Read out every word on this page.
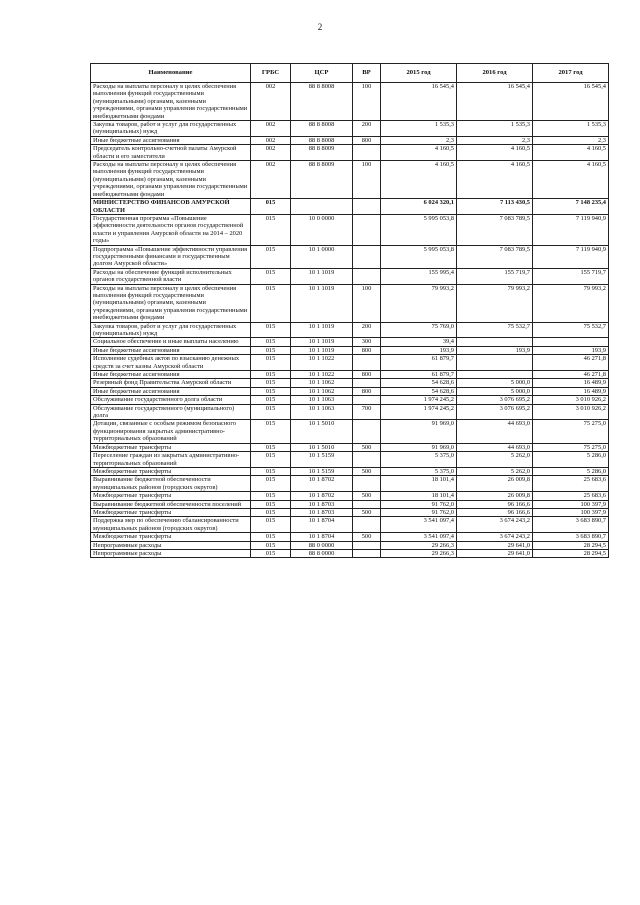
2
Наименование	ГРБС	ЦСР	ВР	2015 год	2016 год	2017 год
Расходы на выплаты персоналу в целях обеспечения выполнения функций государственными (муниципальными) органами, казенными учреждениями, органами управления государственными внебюджетными фондами	002	88 8 8008	100	16 545,4	16 545,4	16 545,4
Закупка товаров, работ и услуг для государственных (муниципальных) нужд	002	88 8 8008	200	1 535,3	1 535,3	1 535,3
Иные бюджетные ассигнования	002	88 8 8008	800	2,3	2,3	2,3
Председатель контрольно-счетной палаты Амурской области и его заместители	002	88 8 8009		4 160,5	4 160,5	4 160,5
Расходы на выплаты персоналу в целях обеспечения выполнения функций государственными (муниципальными) органами, казенными учреждениями, органами управления государственными внебюджетными фондами	002	88 8 8009	100	4 160,5	4 160,5	4 160,5
МИНИСТЕРСТВО ФИНАНСОВ АМУРСКОЙ ОБЛАСТИ	015			6 024 320,1	7 113 430,5	7 148 235,4
Государственная программа «Повышение эффективности деятельности органов государственной власти и управления Амурской области на 2014 – 2020 годы»	015	10 0 0000		5 995 053,8	7 083 789,5	7 119 940,9
Подпрограмма «Повышение эффективности управления государственными финансами и государственным долгом Амурской области»	015	10 1 0000		5 995 053,8	7 083 789,5	7 119 940,9
Расходы на обеспечение функций исполнительных органов государственной власти	015	10 1 1019		155 995,4	155 719,7	155 719,7
Расходы на выплаты персоналу в целях обеспечения выполнения функций государственными (муниципальными) органами, казенными учреждениями, органами управления государственными внебюджетными фондами	015	10 1 1019	100	79 993,2	79 993,2	79 993,2
Закупка товаров, работ и услуг для государственных (муниципальных) нужд	015	10 1 1019	200	75 769,0	75 532,7	75 532,7
Социальное обеспечение и иные выплаты населению	015	10 1 1019	300	39,4		
Иные бюджетные ассигнования	015	10 1 1019	800	193,9	193,9	193,9
Исполнение судебных актов по взысканию денежных средств за счет казны Амурской области	015	10 1 1022		61 879,7		46 271,8
Иные бюджетные ассигнования	015	10 1 1022	800	61 879,7		46 271,8
Резервный фонд Правительства Амурской области	015	10 1 1062		54 628,6	5 000,0	16 489,9
Иные бюджетные ассигнования	015	10 1 1062	800	54 628,6	5 000,0	16 489,9
Обслуживание государственного долга области	015	10 1 1063		1 974 245,2	3 076 695,2	3 010 926,2
Обслуживание государственного (муниципального) долга	015	10 1 1063	700	1 974 245,2	3 076 695,2	3 010 926,2
Дотации, связанные с особым режимом безопасного функционирования закрытых административно-территориальных образований	015	10 1 5010		91 969,0	44 693,0	75 275,0
Межбюджетные трансферты	015	10 1 5010	500	91 969,0	44 693,0	75 275,0
Переселение граждан из закрытых административно-территориальных образований	015	10 1 5159		5 375,0	5 262,0	5 286,0
Межбюджетные трансферты	015	10 1 5159	500	5 375,0	5 262,0	5 286,0
Выравнивание бюджетной обеспеченности муниципальных районов (городских округов)	015	10 1 8702		18 101,4	26 009,8	25 683,6
Межбюджетные трансферты	015	10 1 8702	500	18 101,4	26 009,8	25 683,6
Выравнивание бюджетной обеспеченности поселений	015	10 1 8703		91 762,0	96 166,6	100 397,9
Межбюджетные трансферты	015	10 1 8703	500	91 762,0	96 166,6	100 397,9
Поддержка мер по обеспечению сбалансированности муниципальных районов (городских округов)	015	10 1 8704		3 541 097,4	3 674 243,2	3 683 890,7
Межбюджетные трансферты	015	10 1 8704	500	3 541 097,4	3 674 243,2	3 683 890,7
Непрограммные расходы	015	88 0 0000		29 266,3	29 641,0	28 294,5
Непрограммные расходы	015	88 8 0000		29 266,3	29 641,0	28 294,5
